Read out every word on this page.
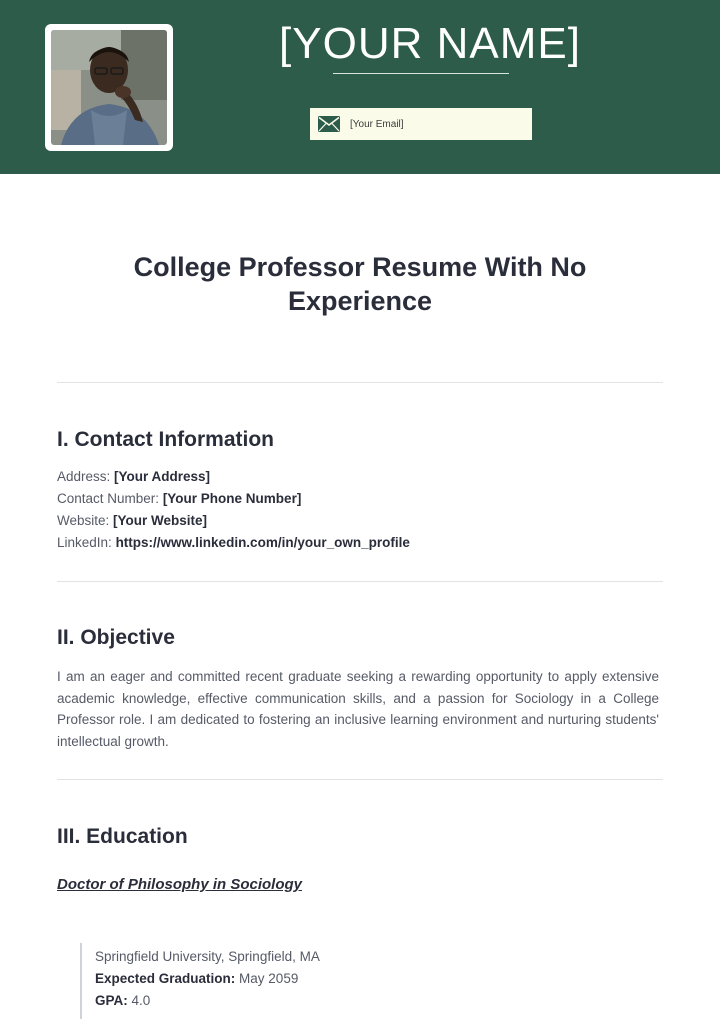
[YOUR NAME]
[Your Email]
College Professor Resume With No
Experience
I. Contact Information
Address: [Your Address]
Contact Number: [Your Phone Number]
Website: [Your Website]
LinkedIn: https://www.linkedin.com/in/your_own_profile
II. Objective
I am an eager and committed recent graduate seeking a rewarding opportunity to apply extensive academic knowledge, effective communication skills, and a passion for Sociology in a College Professor role. I am dedicated to fostering an inclusive learning environment and nurturing students' intellectual growth.
III. Education
Doctor of Philosophy in Sociology
Springfield University, Springfield, MA
Expected Graduation: May 2059
GPA: 4.0
